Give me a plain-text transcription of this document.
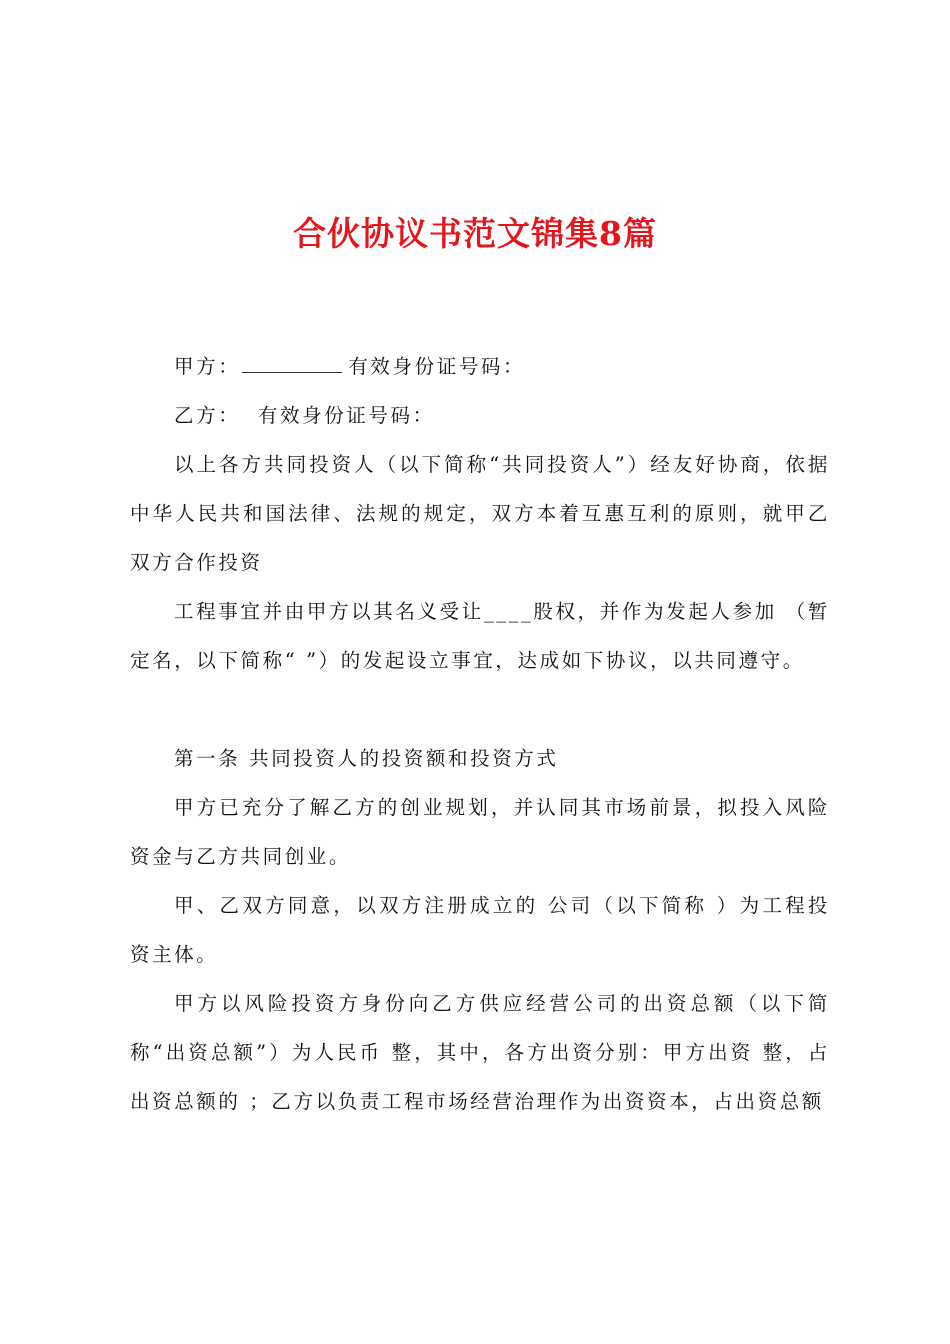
合伙协议书范文锦集8篇

甲方：	有效身份证号码：

乙方：  有效身份证号码：

以上各方共同投资人（以下简称“共同投资人”）经友好协商，依据中华人民共和国法律、法规的规定，双方本着互惠互利的原则，就甲乙双方合作投资

工程事宜并由甲方以其名义受让____股权，并作为发起人参加 （暂定名，以下简称“ ”）的发起设立事宜，达成如下协议，以共同遵守。

第一条 共同投资人的投资额和投资方式

甲方已充分了解乙方的创业规划，并认同其市场前景，拟投入风险资金与乙方共同创业。

甲、乙双方同意，以双方注册成立的 公司（以下简称 ）为工程投资主体。

甲方以风险投资方身份向乙方供应经营公司的出资总额（以下简称“出资总额”）为人民币 整，其中，各方出资分别：甲方出资 整，占出资总额的 ；乙方以负责工程市场经营治理作为出资资本，占出资总额
